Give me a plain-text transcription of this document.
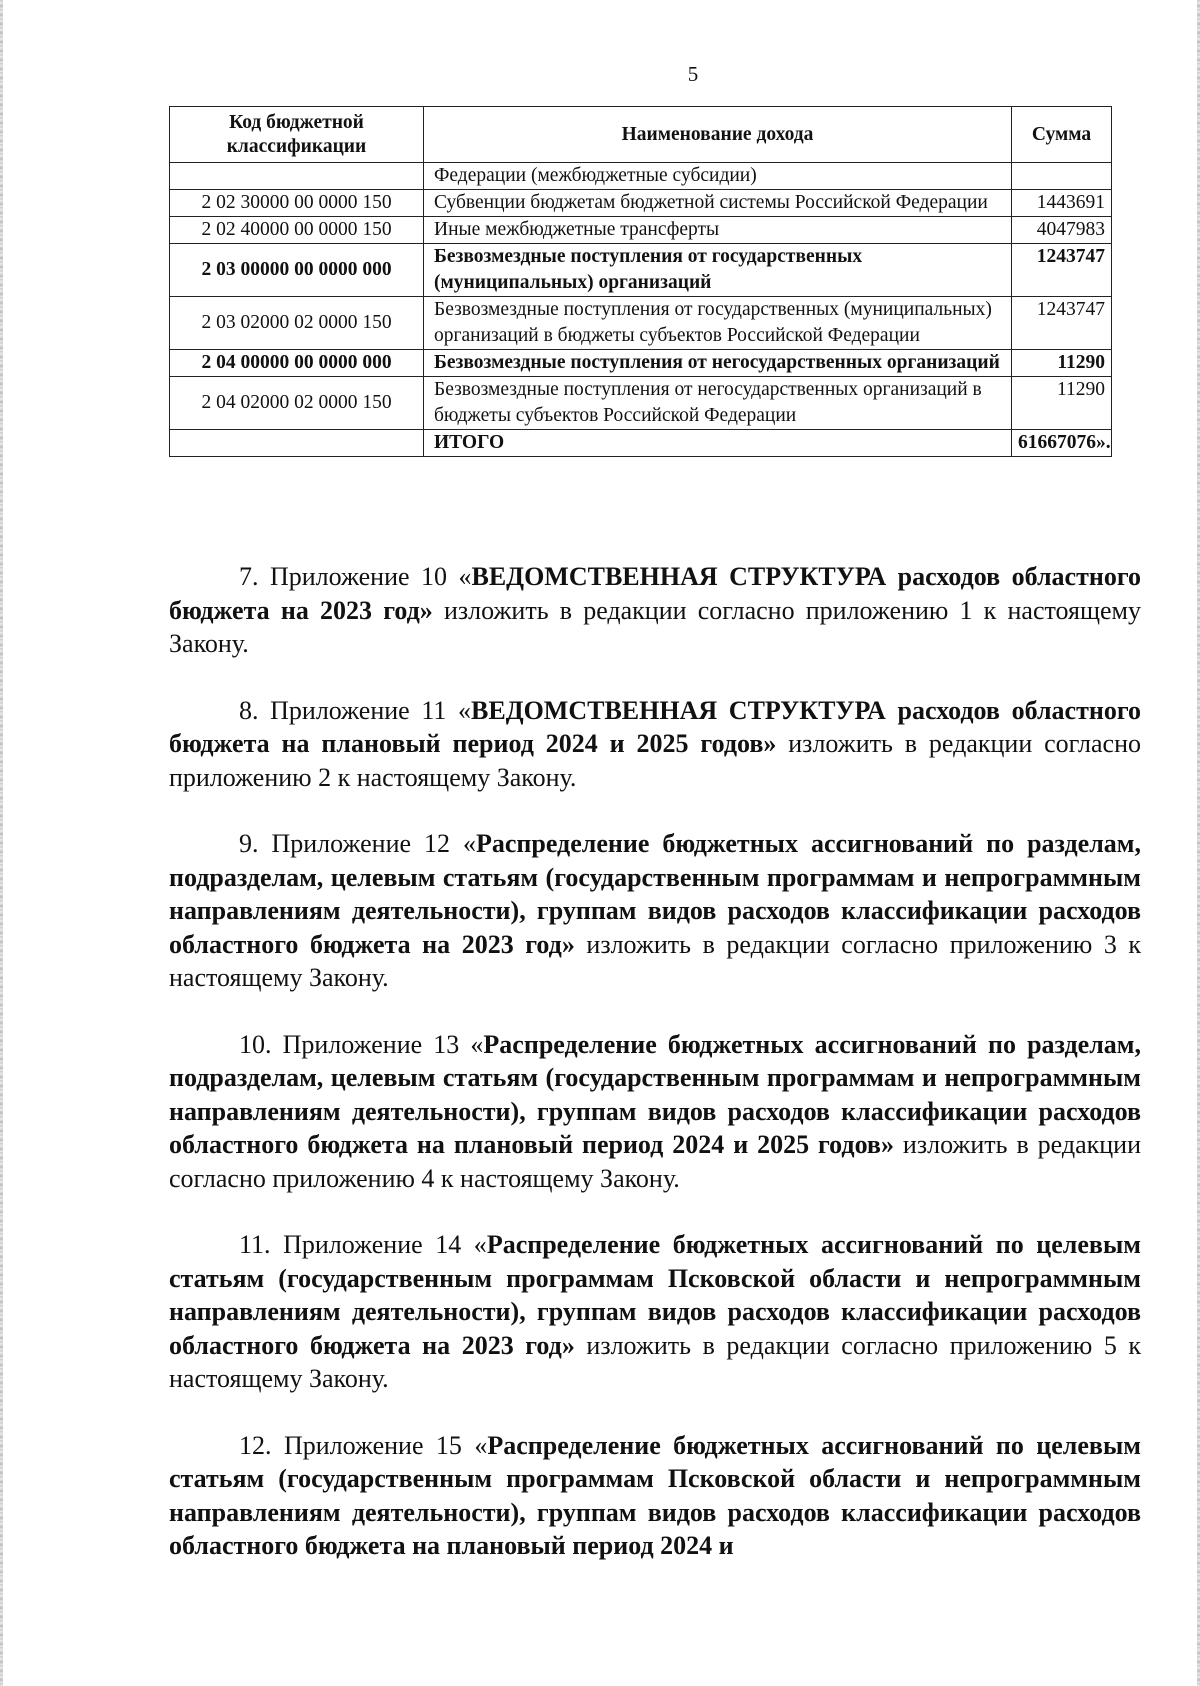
5
Код бюджетной классификации	Наименование дохода	Сумма
	Федерации (межбюджетные субсидии)	
2 02 30000 00 0000 150	Субвенции бюджетам бюджетной системы Российской Федерации	1443691
2 02 40000 00 0000 150	Иные межбюджетные трансферты	4047983
2 03 00000 00 0000 000	Безвозмездные поступления от государственных (муниципальных) организаций	1243747
2 03 02000 02 0000 150	Безвозмездные поступления от государственных (муниципальных) организаций в бюджеты субъектов Российской Федерации	1243747
2 04 00000 00 0000 000	Безвозмездные поступления от негосударственных организаций	11290
2 04 02000 02 0000 150	Безвозмездные поступления от негосударственных организаций в бюджеты субъектов Российской Федерации	11290
	ИТОГО	61667076».

7. Приложение 10 «ВЕДОМСТВЕННАЯ СТРУКТУРА расходов областного бюджета на 2023 год» изложить в редакции согласно приложению 1 к настоящему Закону.

8. Приложение 11 «ВЕДОМСТВЕННАЯ СТРУКТУРА расходов областного бюджета на плановый период 2024 и 2025 годов» изложить в редакции согласно приложению 2 к настоящему Закону.

9. Приложение 12 «Распределение бюджетных ассигнований по разделам, подразделам, целевым статьям (государственным программам и непрограммным направлениям деятельности), группам видов расходов классификации расходов областного бюджета на 2023 год» изложить в редакции согласно приложению 3 к настоящему Закону.

10. Приложение 13 «Распределение бюджетных ассигнований по разделам, подразделам, целевым статьям (государственным программам и непрограммным направлениям деятельности), группам видов расходов классификации расходов областного бюджета на плановый период 2024 и 2025 годов» изложить в редакции согласно приложению 4 к настоящему Закону.

11. Приложение 14 «Распределение бюджетных ассигнований по целевым статьям (государственным программам Псковской области и непрограммным направлениям деятельности), группам видов расходов классификации расходов областного бюджета на 2023 год» изложить в редакции согласно приложению 5 к настоящему Закону.

12. Приложение 15 «Распределение бюджетных ассигнований по целевым статьям (государственным программам Псковской области и непрограммным направлениям деятельности), группам видов расходов классификации расходов областного бюджета на плановый период 2024 и
